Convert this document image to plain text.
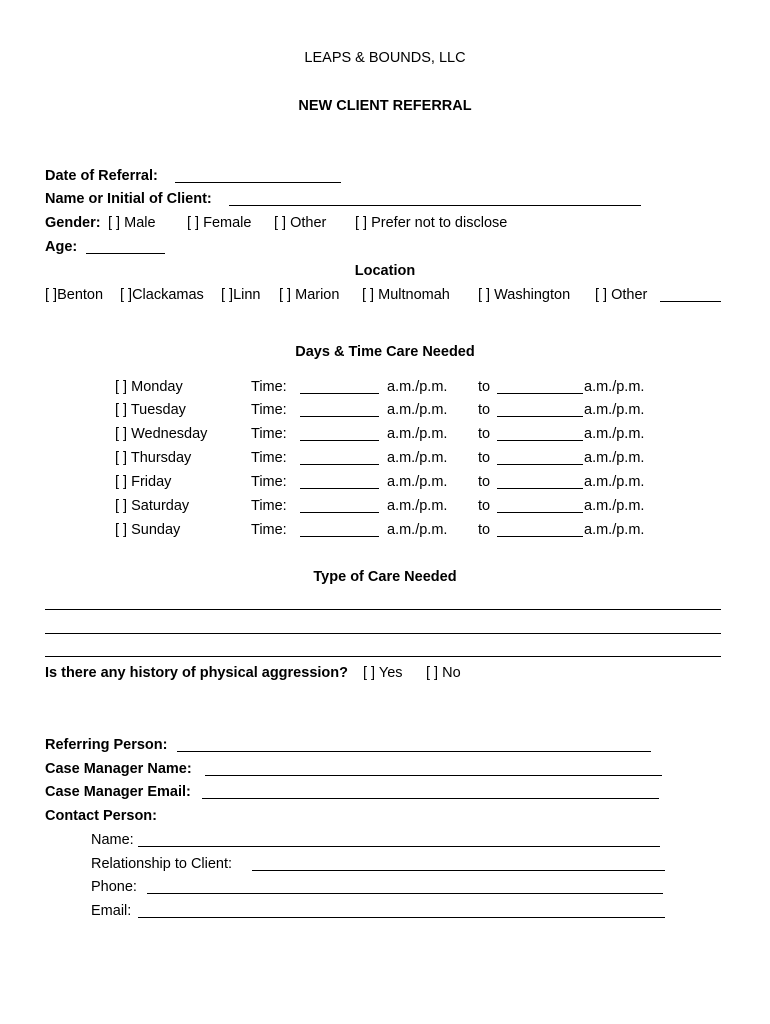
LEAPS & BOUNDS, LLC
NEW CLIENT REFERRAL
Date of Referral:
Name or Initial of Client:
Gender: [ ] Male [ ] Female [ ] Other [ ] Prefer not to disclose
Age:
Location
[ ]Benton [ ]Clackamas [ ]Linn [ ] Marion [ ] Multnomah [ ] Washington [ ] Other
Days & Time Care Needed
[ ] Monday	Time:	a.m./p.m. to	a.m./p.m.
[ ] Tuesday	Time:	a.m./p.m. to	a.m./p.m.
[ ] Wednesday	Time:	a.m./p.m. to	a.m./p.m.
[ ] Thursday	Time:	a.m./p.m. to	a.m./p.m.
[ ] Friday	Time:	a.m./p.m. to	a.m./p.m.
[ ] Saturday	Time:	a.m./p.m. to	a.m./p.m.
[ ] Sunday	Time:	a.m./p.m. to	a.m./p.m.
Type of Care Needed
Is there any history of physical aggression? [ ] Yes [ ] No
Referring Person:
Case Manager Name:
Case Manager Email:
Contact Person:
Name:
Relationship to Client:
Phone:
Email:
